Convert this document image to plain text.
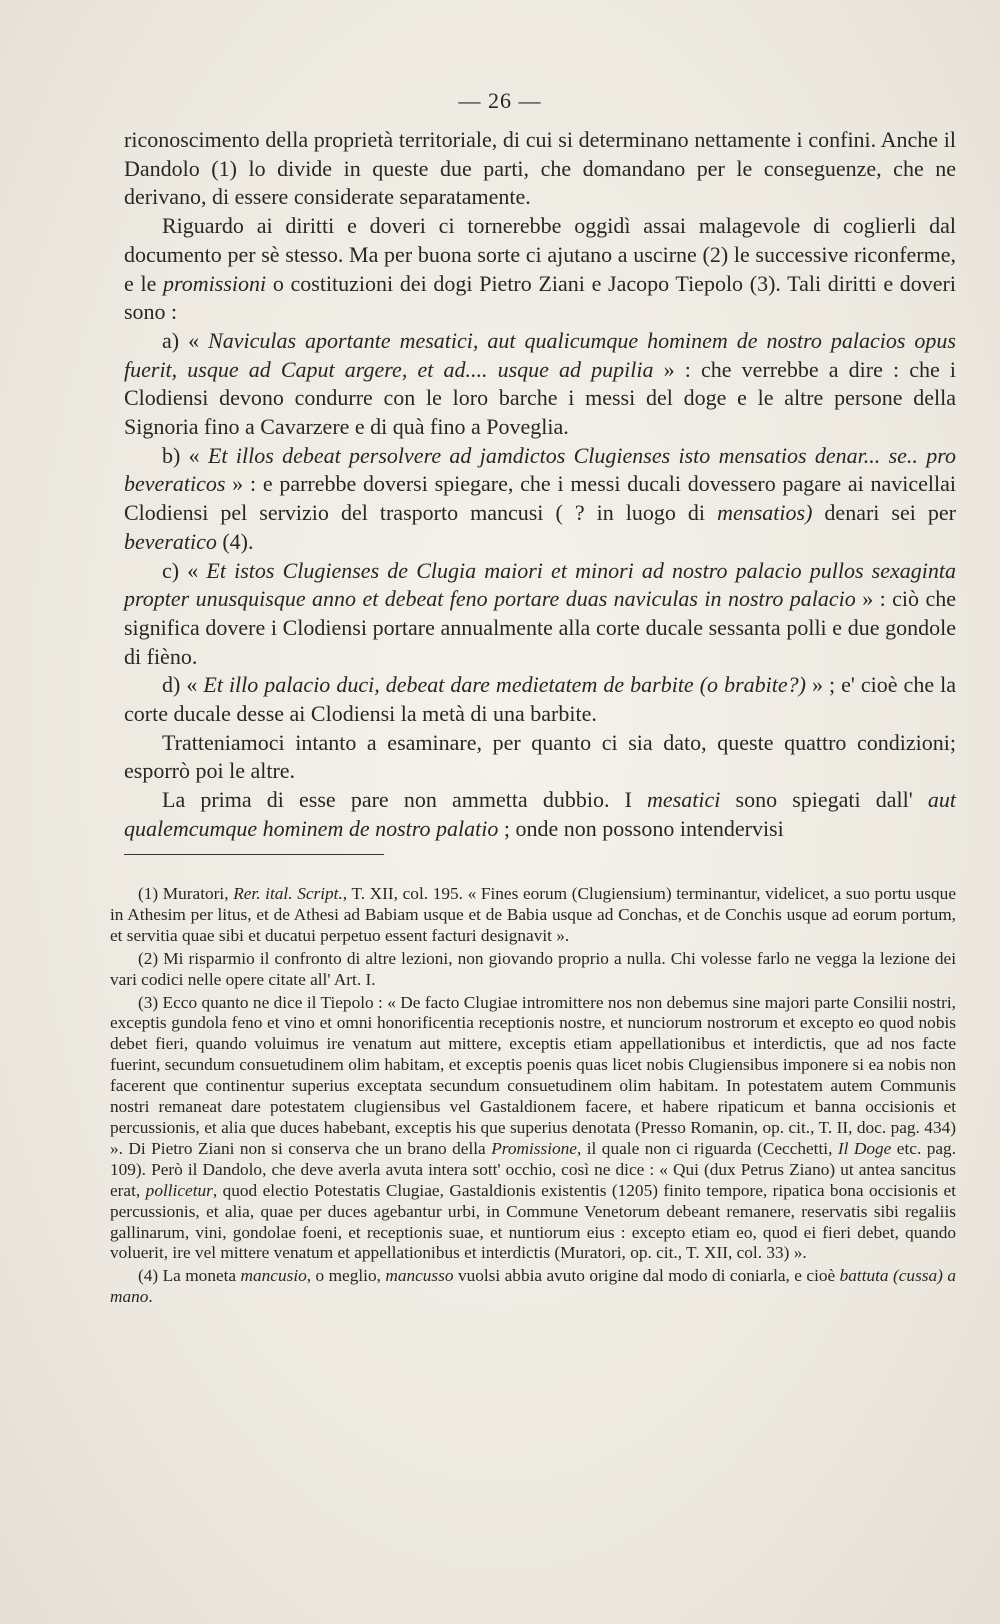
— 26 —

riconoscimento della proprietà territoriale, di cui si determinano nettamente i confini. Anche il Dandolo (1) lo divide in queste due parti, che domandano per le conseguenze, che ne derivano, di essere considerate separatamente.

Riguardo ai diritti e doveri ci tornerebbe oggidì assai malagevole di coglierli dal documento per sè stesso. Ma per buona sorte ci ajutano a uscirne (2) le successive riconferme, e le promissioni o costituzioni dei dogi Pietro Ziani e Jacopo Tiepolo (3). Tali diritti e doveri sono :

a) « Naviculas aportante mesatici, aut qualicumque hominem de nostro palacios opus fuerit, usque ad Caput argere, et ad.... usque ad pupilia » : che verrebbe a dire : che i Clodiensi devono condurre con le loro barche i messi del doge e le altre persone della Signoria fino a Cavarzere e di quà fino a Poveglia.

b) « Et illos debeat persolvere ad jamdictos Clugienses isto mensatios denar... se.. pro beveraticos » : e parrebbe doversi spiegare, che i messi ducali dovessero pagare ai navicellai Clodiensi pel servizio del trasporto mancusi ( ? in luogo di mensatios) denari sei per beveratico (4).

c) « Et istos Clugienses de Clugia maiori et minori ad nostro palacio pullos sexaginta propter unusquisque anno et debeat feno portare duas naviculas in nostro palacio » : ciò che significa dovere i Clodiensi portare annualmente alla corte ducale sessanta polli e due gondole di fièno.

d) « Et illo palacio duci, debeat dare medietatem de barbite (o brabite?) » ; e' cioè che la corte ducale desse ai Clodiensi la metà di una barbite.

Tratteniamoci intanto a esaminare, per quanto ci sia dato, queste quattro condizioni; esporrò poi le altre.

La prima di esse pare non ammetta dubbio. I mesatici sono spiegati dall' aut qualemcumque hominem de nostro palatio ; onde non possono intendervisi

(1) Muratori, Rer. ital. Script., T. XII, col. 195. « Fines eorum (Clugiensium) terminantur, videlicet, a suo portu usque in Athesim per litus, et de Athesi ad Babiam usque et de Babia usque ad Conchas, et de Conchis usque ad eorum portum, et servitia quae sibi et ducatui perpetuo essent facturi designavit ».

(2) Mi risparmio il confronto di altre lezioni, non giovando proprio a nulla. Chi volesse farlo ne vegga la lezione dei vari codici nelle opere citate all' Art. I.

(3) Ecco quanto ne dice il Tiepolo : « De facto Clugiae intromittere nos non debemus sine majori parte Consilii nostri, exceptis gundola feno et vino et omni honorificentia receptionis nostre, et nunciorum nostrorum et excepto eo quod nobis debet fieri, quando voluimus ire venatum aut mittere, exceptis etiam appellationibus et interdictis, que ad nos facte fuerint, secundum consuetudinem olim habitam, et exceptis poenis quas licet nobis Clugiensibus imponere si ea nobis non facerent que continentur superius exceptata secundum consuetudinem olim habitam. In potestatem autem Communis nostri remaneat dare potestatem clugiensibus vel Gastaldionem facere, et habere ripaticum et banna occisionis et percussionis, et alia que duces habebant, exceptis his que superius denotata (Presso Romanin, op. cit., T. II, doc. pag. 434) ». Di Pietro Ziani non si conserva che un brano della Promissione, il quale non ci riguarda (Cecchetti, Il Doge etc. pag. 109). Però il Dandolo, che deve averla avuta intera sott' occhio, così ne dice : « Qui (dux Petrus Ziano) ut antea sancitus erat, pollicetur, quod electio Potestatis Clugiae, Gastaldionis existentis (1205) finito tempore, ripatica bona occisionis et percussionis, et alia, quae per duces agebantur urbi, in Commune Venetorum debeant remanere, reservatis sibi regaliis gallinarum, vini, gondolae foeni, et receptionis suae, et nuntiorum eius : excepto etiam eo, quod ei fieri debet, quando voluerit, ire vel mittere venatum et appellationibus et interdictis (Muratori, op. cit., T. XII, col. 33) ».

(4) La moneta mancusio, o meglio, mancusso vuolsi abbia avuto origine dal modo di coniarla, e cioè battuta (cussa) a mano.
